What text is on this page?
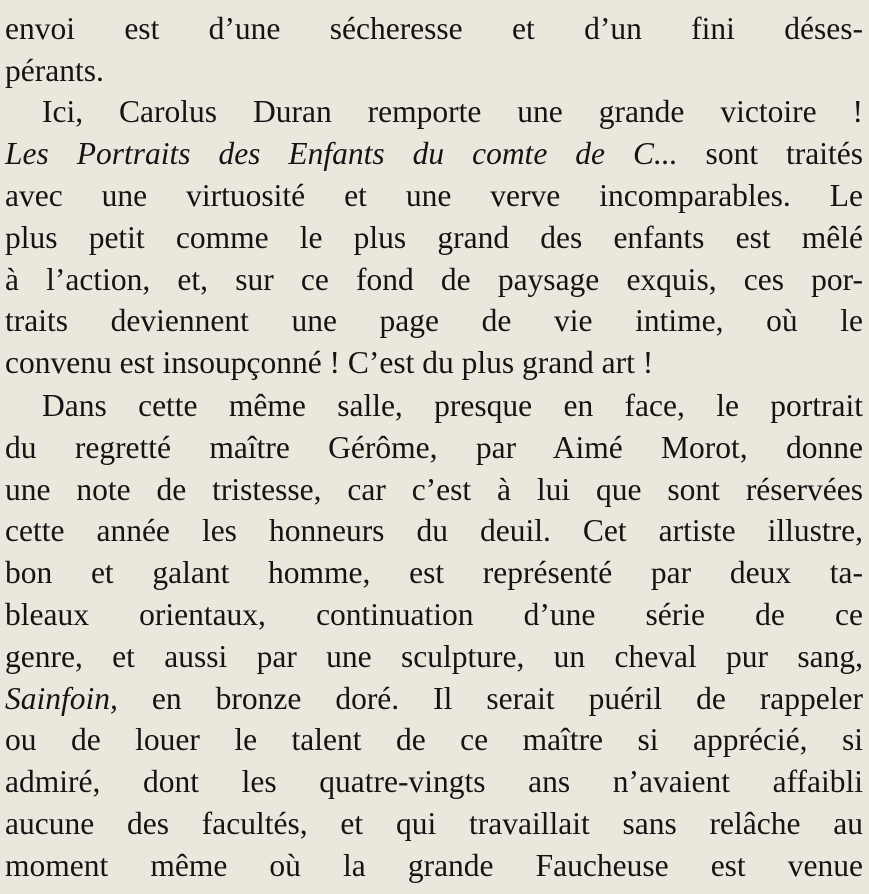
envoi est d’une sécheresse et d’un fini déses-
pérants.
Ici, Carolus Duran remporte une grande victoire !
Les Portraits des Enfants du comte de C... sont traités
avec une virtuosité et une verve incomparables. Le
plus petit comme le plus grand des enfants est mêlé
à l’action, et, sur ce fond de paysage exquis, ces por-
traits deviennent une page de vie intime, où le
convenu est insoupçonné ! C’est du plus grand art !
Dans cette même salle, presque en face, le portrait
du regretté maître Gérôme, par Aimé Morot, donne
une note de tristesse, car c’est à lui que sont réservées
cette année les honneurs du deuil. Cet artiste illustre,
bon et galant homme, est représenté par deux ta-
bleaux orientaux, continuation d’une série de ce
genre, et aussi par une sculpture, un cheval pur sang,
Sainfoin, en bronze doré. Il serait puéril de rappeler
ou de louer le talent de ce maître si apprécié, si
admiré, dont les quatre-vingts ans n’avaient affaibli
aucune des facultés, et qui travaillait sans relâche au
moment même où la grande Faucheuse est venue
